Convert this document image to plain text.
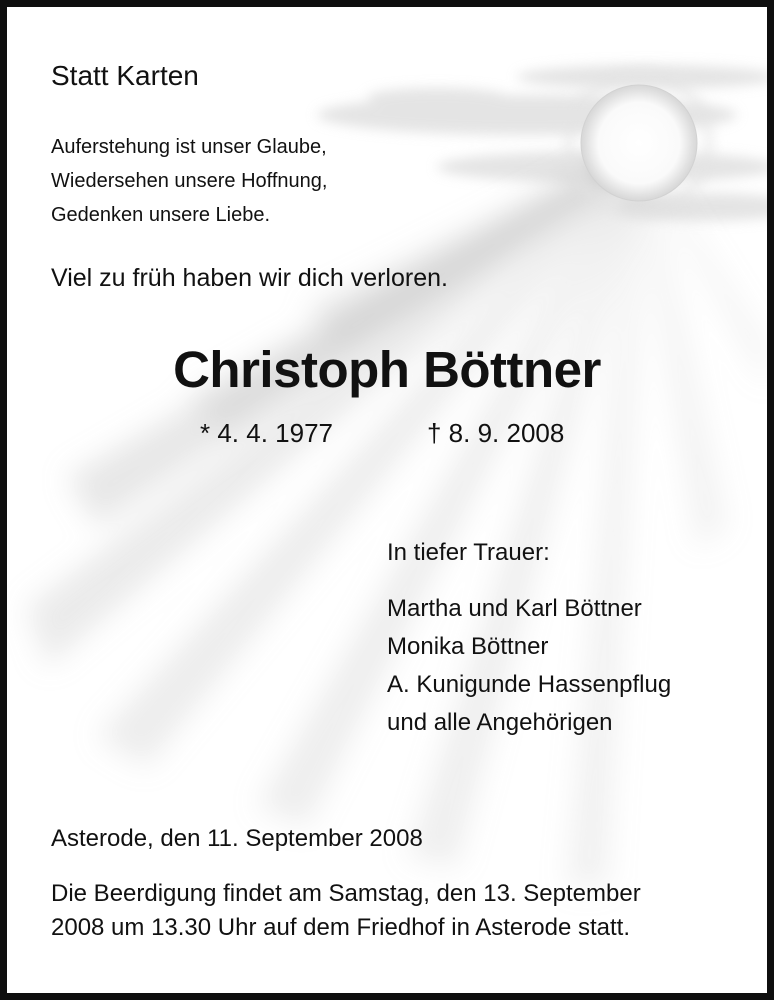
Statt Karten
Auferstehung ist unser Glaube,
Wiedersehen unsere Hoffnung,
Gedenken unsere Liebe.
Viel zu früh haben wir dich verloren.
Christoph Böttner
* 4. 4. 1977	† 8. 9. 2008
In tiefer Trauer:
Martha und Karl Böttner
Monika Böttner
A. Kunigunde Hassenpflug
und alle Angehörigen
Asterode, den 11. September 2008
Die Beerdigung findet am Samstag, den 13. September
2008 um 13.30 Uhr auf dem Friedhof in Asterode statt.
